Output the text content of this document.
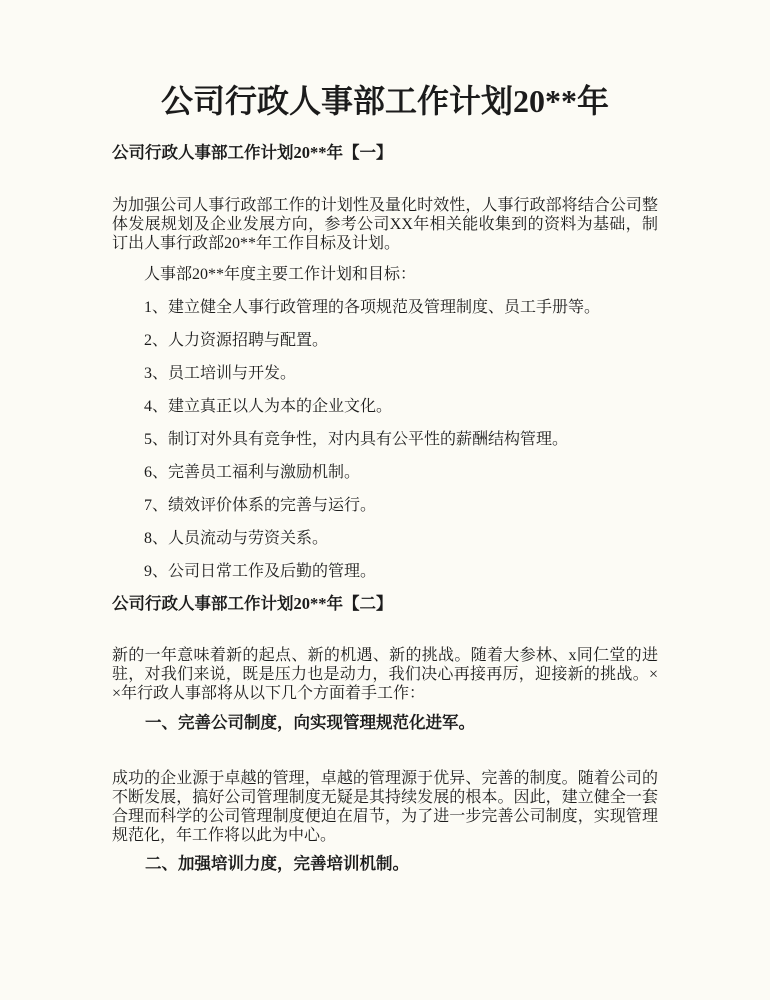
公司行政人事部工作计划20**年
公司行政人事部工作计划20**年【一】

为加强公司人事行政部工作的计划性及量化时效性，人事行政部将结合公司整体发展规划及企业发展方向，参考公司XX年相关能收集到的资料为基础，制订出人事行政部20**年工作目标及计划。

人事部20**年度主要工作计划和目标：

1、建立健全人事行政管理的各项规范及管理制度、员工手册等。

2、人力资源招聘与配置。

3、员工培训与开发。

4、建立真正以人为本的企业文化。

5、制订对外具有竞争性，对内具有公平性的薪酬结构管理。

6、完善员工福利与激励机制。

7、绩效评价体系的完善与运行。

8、人员流动与劳资关系。

9、公司日常工作及后勤的管理。

公司行政人事部工作计划20**年【二】

新的一年意味着新的起点、新的机遇、新的挑战。随着大参林、x同仁堂的进驻，对我们来说，既是压力也是动力，我们决心再接再厉，迎接新的挑战。××年行政人事部将从以下几个方面着手工作：

一、完善公司制度，向实现管理规范化进军。

成功的企业源于卓越的管理，卓越的管理源于优异、完善的制度。随着公司的不断发展，搞好公司管理制度无疑是其持续发展的根本。因此，建立健全一套合理而科学的公司管理制度便迫在眉节，为了进一步完善公司制度，实现管理规范化，年工作将以此为中心。

二、加强培训力度，完善培训机制。
